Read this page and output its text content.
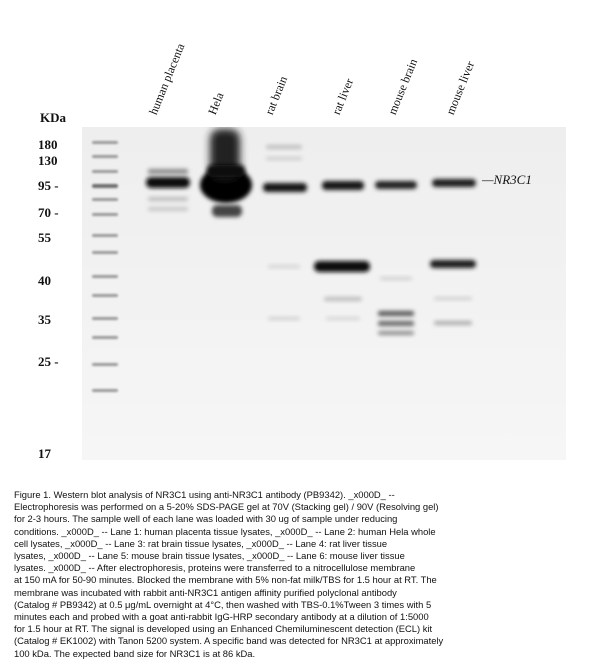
human placenta Hela	rat brain	rat liver mouse brain mouse liver
KDa
180
130
95 -
70 -
55
40
35
25 -
17
—NR3C1
Figure 1. Western blot analysis of NR3C1 using anti-NR3C1 antibody (PB9342). _x000D_ --
Electrophoresis was performed on a 5-20% SDS-PAGE gel at 70V (Stacking gel) / 90V (Resolving gel)
for 2-3 hours. The sample well of each lane was loaded with 30 ug of sample under reducing
conditions. _x000D_ -- Lane 1: human placenta tissue lysates, _x000D_ -- Lane 2: human Hela whole
cell lysates, _x000D_ -- Lane 3: rat brain tissue lysates, _x000D_ -- Lane 4: rat liver tissue
lysates, _x000D_ -- Lane 5: mouse brain tissue lysates, _x000D_ -- Lane 6: mouse liver tissue
lysates. _x000D_ -- After electrophoresis, proteins were transferred to a nitrocellulose membrane
at 150 mA for 50-90 minutes. Blocked the membrane with 5% non-fat milk/TBS for 1.5 hour at RT. The
membrane was incubated with rabbit anti-NR3C1 antigen affinity purified polyclonal antibody
(Catalog # PB9342) at 0.5 μg/mL overnight at 4°C, then washed with TBS-0.1%Tween 3 times with 5
minutes each and probed with a goat anti-rabbit IgG-HRP secondary antibody at a dilution of 1:5000
for 1.5 hour at RT. The signal is developed using an Enhanced Chemiluminescent detection (ECL) kit
(Catalog # EK1002) with Tanon 5200 system. A specific band was detected for NR3C1 at approximately
100 kDa. The expected band size for NR3C1 is at 86 kDa.
